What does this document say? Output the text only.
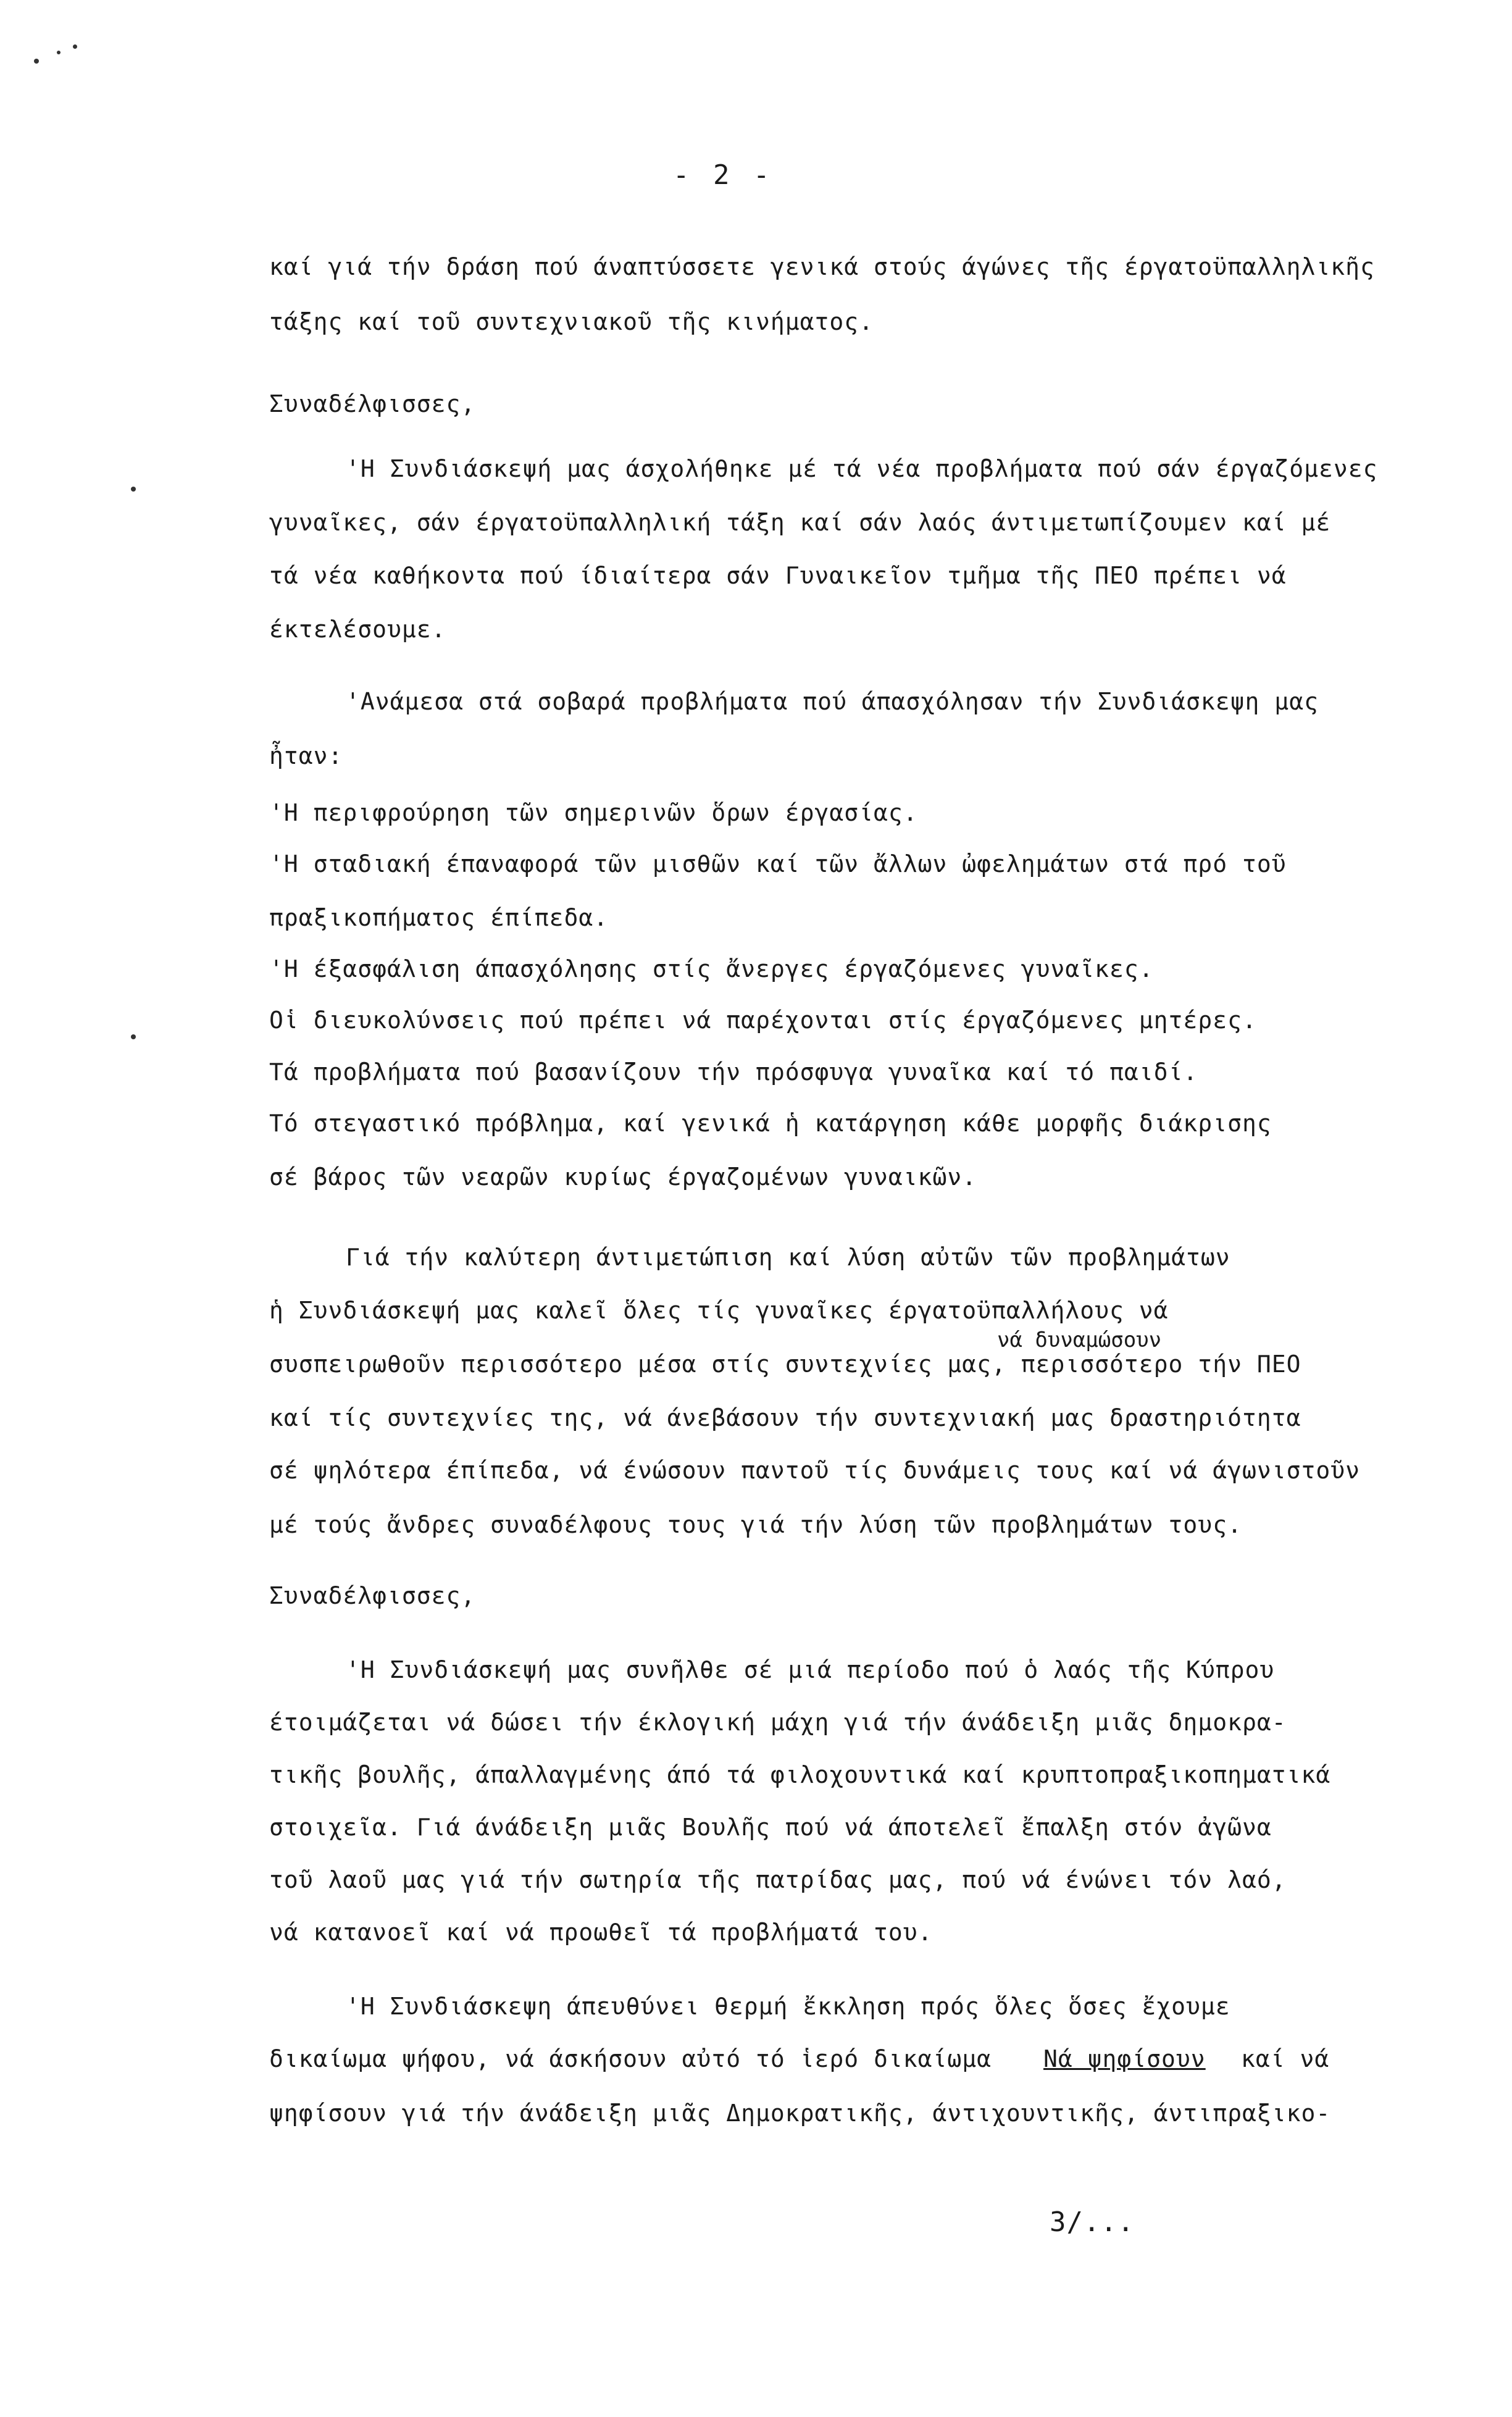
- 2 -
καί γιά τήν δράση πού άναπτύσσετε γενικά στούς άγώνες τῆς έργατοϋπαλληλικῆς
τάξης καί τοῦ συντεχνιακοῦ τῆς κινήματος.
Συναδέλφισσες,
'Η Συνδιάσκεψή μας άσχολήθηκε μέ τά νέα προβλήματα πού σάν έργαζόμενες
γυναῖκες, σάν έργατοϋπαλληλική τάξη καί σάν λαός άντιμετωπίζουμεν καί μέ
τά νέα καθήκοντα πού ίδιαίτερα σάν Γυναικεῖον τμῆμα τῆς ΠΕΟ πρέπει νά
έκτελέσουμε.
'Ανάμεσα στά σοβαρά προβλήματα πού άπασχόλησαν τήν Συνδιάσκεψη μας
ἦταν:
'Η περιφρούρηση τῶν σημερινῶν ὅρων έργασίας.
'Η σταδιακή έπαναφορά τῶν μισθῶν καί τῶν ἄλλων ὠφελημάτων στά πρό τοῦ
πραξικοπήματος έπίπεδα.
'Η έξασφάλιση άπασχόλησης στίς ἄνεργες έργαζόμενες γυναῖκες.
Οἱ διευκολύνσεις πού πρέπει νά παρέχονται στίς έργαζόμενες μητέρες.
Τά προβλήματα πού βασανίζουν τήν πρόσφυγα γυναῖκα καί τό παιδί.
Τό στεγαστικό πρόβλημα, καί γενικά ἡ κατάργηση κάθε μορφῆς διάκρισης
σέ βάρος τῶν νεαρῶν κυρίως έργαζομένων γυναικῶν.
Γιά τήν καλύτερη άντιμετώπιση καί λύση αὐτῶν τῶν προβλημάτων
ἡ Συνδιάσκεψή μας καλεῖ ὅλες τίς γυναῖκες έργατοϋπαλλήλους νά
νά δυναμώσουν
συσπειρωθοῦν περισσότερο μέσα στίς συντεχνίες μας, περισσότερο τήν ΠΕΟ
καί τίς συντεχνίες της, νά άνεβάσουν τήν συντεχνιακή μας δραστηριότητα
σέ ψηλότερα έπίπεδα, νά ένώσουν παντοῦ τίς δυνάμεις τους καί νά άγωνιστοῦν
μέ τούς ἄνδρες συναδέλφους τους γιά τήν λύση τῶν προβλημάτων τους.
Συναδέλφισσες,
'Η Συνδιάσκεψή μας συνῆλθε σέ μιά περίοδο πού ὁ λαός τῆς Κύπρου
έτοιμάζεται νά δώσει τήν έκλογική μάχη γιά τήν άνάδειξη μιᾶς δημοκρα-
τικῆς βουλῆς, άπαλλαγμένης άπό τά φιλοχουντικά καί κρυπτοπραξικοπηματικά
στοιχεῖα. Γιά άνάδειξη μιᾶς Βουλῆς πού νά άποτελεῖ ἔπαλξη στόν ἀγῶνα
τοῦ λαοῦ μας γιά τήν σωτηρία τῆς πατρίδας μας, πού νά ένώνει τόν λαό,
νά κατανοεῖ καί νά προωθεῖ τά προβλήματά του.
'Η Συνδιάσκεψη άπευθύνει θερμή ἔκκληση πρός ὅλες ὅσες ἔχουμε
δικαίωμα ψήφου, νά άσκήσουν αὐτό τό ἱερό δικαίωμα Νά ψηφίσουν καί νά
ψηφίσουν γιά τήν άνάδειξη μιᾶς Δημοκρατικῆς, άντιχουντικῆς, άντιπραξικο-
3/...
